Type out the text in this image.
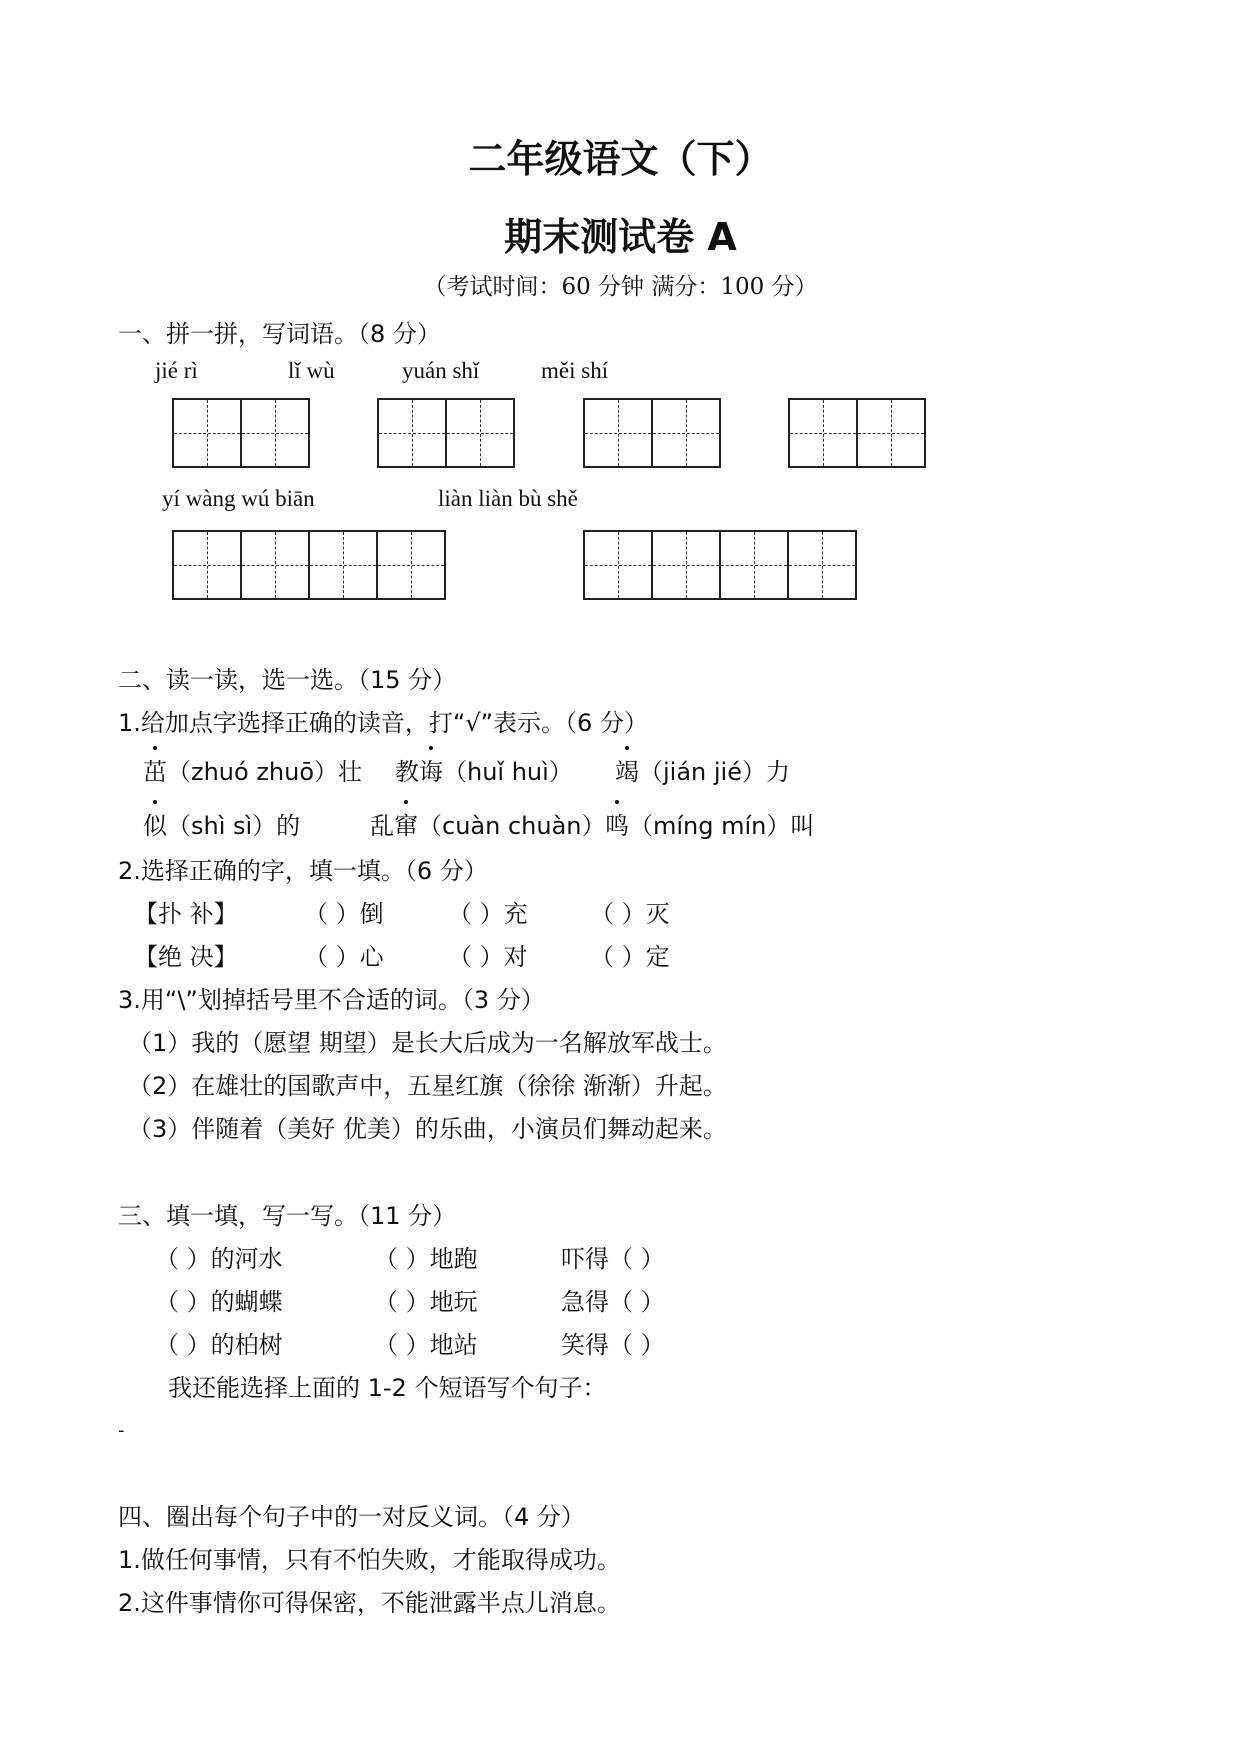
二年级语文（下）
期末测试卷 A
（考试时间：60 分钟 满分：100 分）
一、拼一拼，写词语。（8 分）
jié rì	lǐ wù	yuán shǐ	měi shí
yí wàng wú biān	liàn liàn bù shě
二、读一读，选一选。（15 分）
1.给加点字选择正确的读音，打“√”表示。（6 分）
茁（zhuó zhuō）壮 教诲（huǐ huì） 竭（jián jié）力
似（shì sì）的	乱窜（cuàn chuàn） 鸣（míng mín）叫
2.选择正确的字，填一填。（6 分）
【扑 补】	（ ）倒	（ ）充	（ ）灭
【绝 决】	（ ）心	（ ）对	（ ）定
3.用“\”划掉括号里不合适的词。（3 分）
（1）我的（愿望 期望）是长大后成为一名解放军战士。
（2）在雄壮的国歌声中，五星红旗（徐徐 渐渐）升起。
（3）伴随着（美好 优美）的乐曲，小演员们舞动起来。
三、填一填，写一写。（11 分）
（ ）的河水	（ ）地跑	吓得（ ）
（ ）的蝴蝶	（ ）地玩	急得（ ）
（ ）的柏树	（ ）地站	笑得（ ）
我还能选择上面的 1-2 个短语写个句子：
-
四、圈出每个句子中的一对反义词。（4 分）
1.做任何事情，只有不怕失败，才能取得成功。
2.这件事情你可得保密，不能泄露半点儿消息。
